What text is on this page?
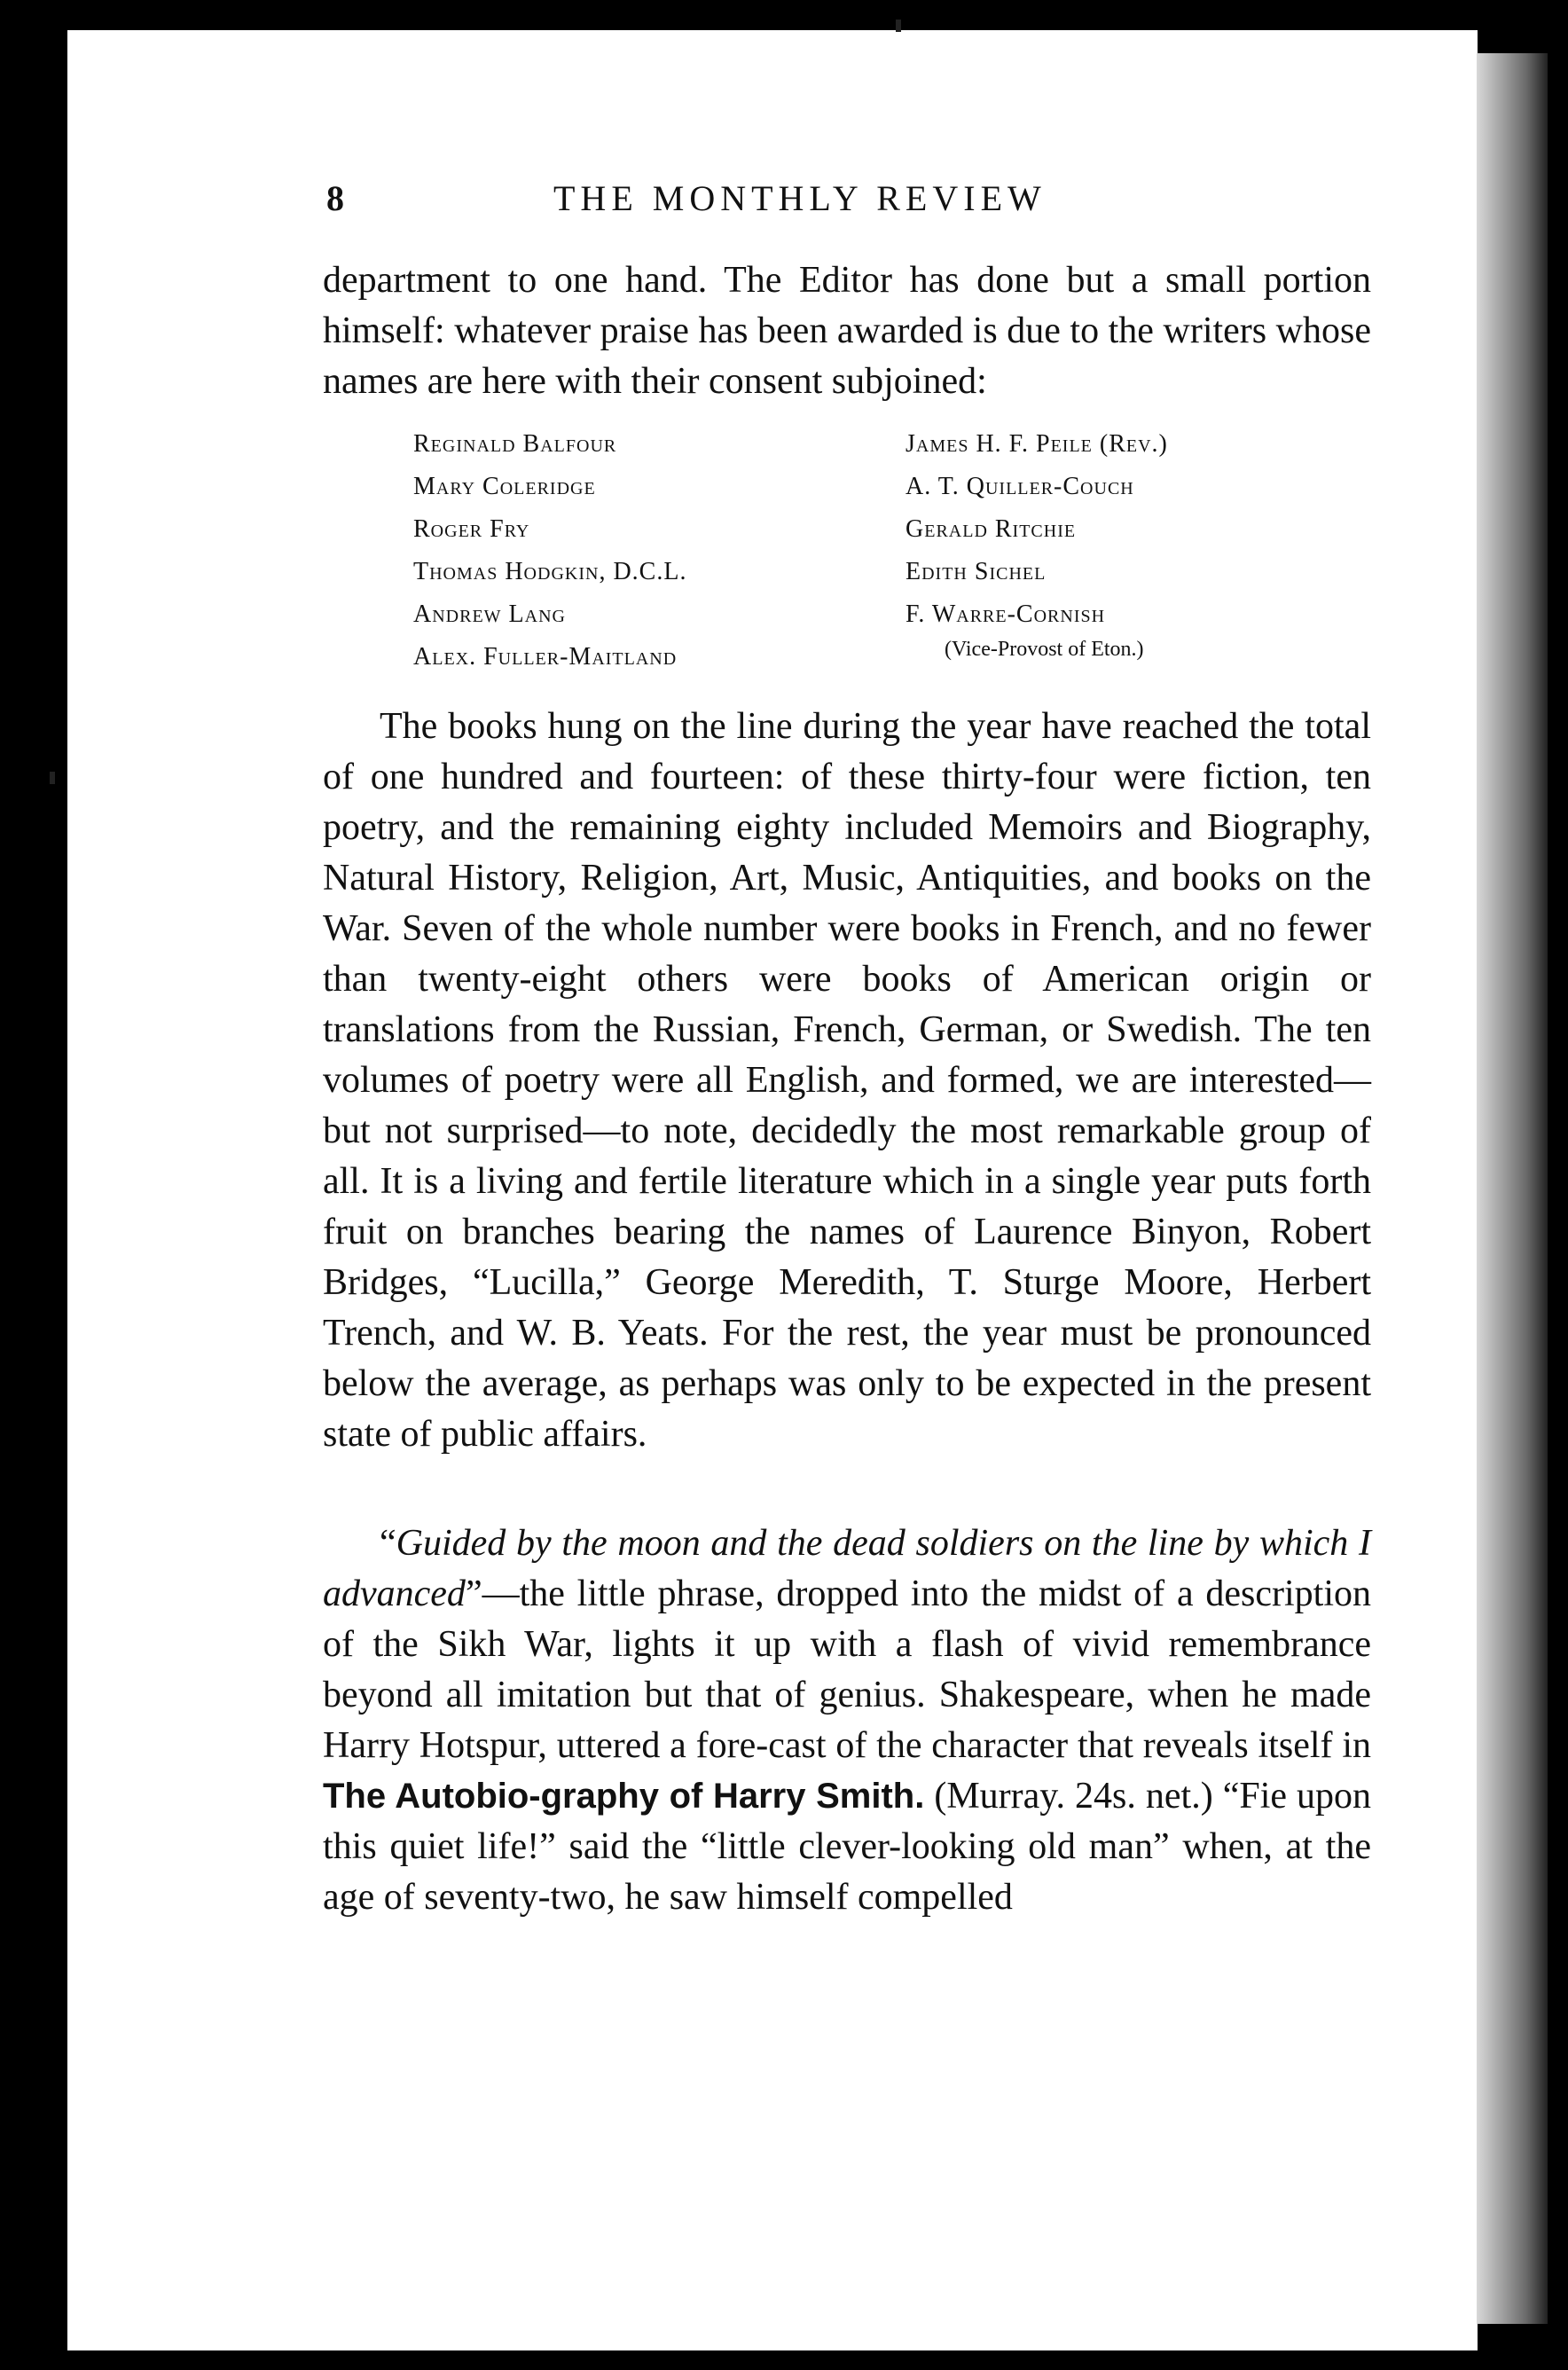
8	THE MONTHLY REVIEW

department to one hand. The Editor has done but a small portion himself: whatever praise has been awarded is due to the writers whose names are here with their consent subjoined:

Reginald Balfour
Mary Coleridge
Roger Fry
Thomas Hodgkin, D.C.L.
Andrew Lang
Alex. Fuller-Maitland
James H. F. Peile (Rev.)
A. T. Quiller-Couch
Gerald Ritchie
Edith Sichel
F. Warre-Cornish
(Vice-Provost of Eton.)

The books hung on the line during the year have reached the total of one hundred and fourteen: of these thirty-four were fiction, ten poetry, and the remaining eighty included Memoirs and Biography, Natural History, Religion, Art, Music, Antiquities, and books on the War. Seven of the whole number were books in French, and no fewer than twenty-eight others were books of American origin or translations from the Russian, French, German, or Swedish. The ten volumes of poetry were all English, and formed, we are interested—but not surprised—to note, decidedly the most remarkable group of all. It is a living and fertile literature which in a single year puts forth fruit on branches bearing the names of Laurence Binyon, Robert Bridges, “Lucilla,” George Meredith, T. Sturge Moore, Herbert Trench, and W. B. Yeats. For the rest, the year must be pronounced below the average, as perhaps was only to be expected in the present state of public affairs.

“Guided by the moon and the dead soldiers on the line by which I advanced”—the little phrase, dropped into the midst of a description of the Sikh War, lights it up with a flash of vivid remembrance beyond all imitation but that of genius. Shakespeare, when he made Harry Hotspur, uttered a fore-cast of the character that reveals itself in The Autobio-graphy of Harry Smith. (Murray. 24s. net.) “Fie upon this quiet life!” said the “little clever-looking old man” when, at the age of seventy-two, he saw himself compelled
